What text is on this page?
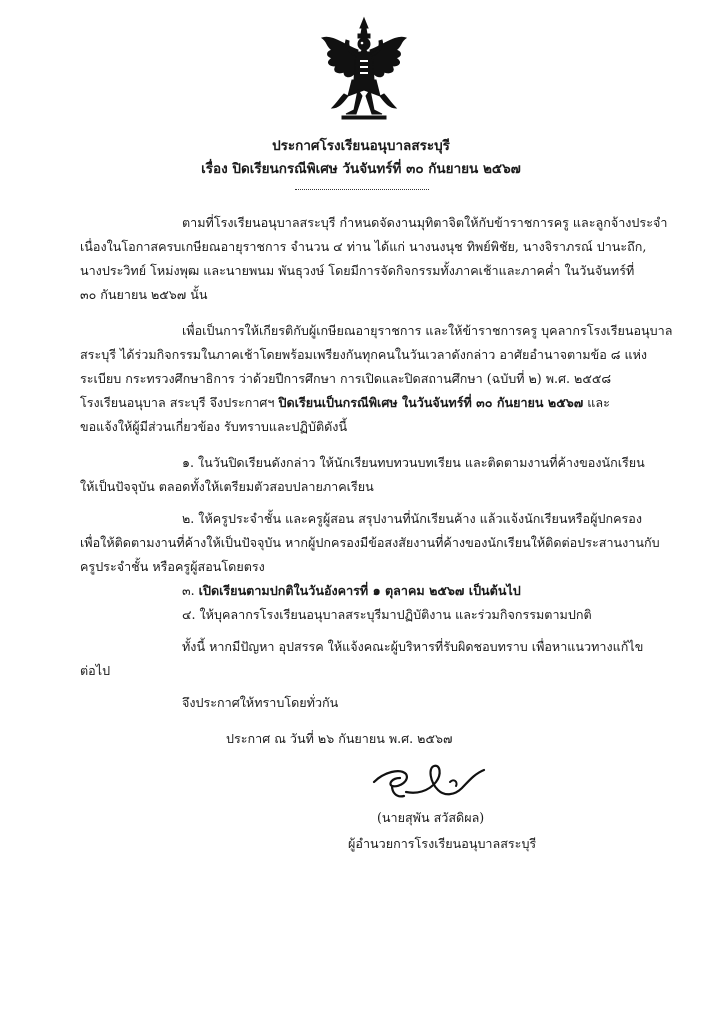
ประกาศโรงเรียนอนุบาลสระบุรี
เรื่อง ปิดเรียนกรณีพิเศษ วันจันทร์ที่ ๓๐ กันยายน ๒๕๖๗
ตามที่โรงเรียนอนุบาลสระบุรี กำหนดจัดงานมุทิตาจิตให้กับข้าราชการครู และลูกจ้างประจำ
เนื่องในโอกาสครบเกษียณอายุราชการ จำนวน ๔ ท่าน ได้แก่ นางนงนุช ทิพย์พิชัย, นางจิราภรณ์ ปานะถึก,
นางประวิทย์ โหม่งพุฒ และนายพนม พันธุวงษ์ โดยมีการจัดกิจกรรมทั้งภาคเช้าและภาคค่ำ ในวันจันทร์ที่
๓๐ กันยายน ๒๕๖๗ นั้น
เพื่อเป็นการให้เกียรติกับผู้เกษียณอายุราชการ และให้ข้าราชการครู บุคลากรโรงเรียนอนุบาล
สระบุรี ได้ร่วมกิจกรรมในภาคเช้าโดยพร้อมเพรียงกันทุกคนในวันเวลาดังกล่าว อาศัยอำนาจตามข้อ ๘ แห่ง
ระเบียบ กระทรวงศึกษาธิการ ว่าด้วยปีการศึกษา การเปิดและปิดสถานศึกษา (ฉบับที่ ๒) พ.ศ. ๒๕๕๘
โรงเรียนอนุบาล สระบุรี จึงประกาศฯ ปิดเรียนเป็นกรณีพิเศษ ในวันจันทร์ที่ ๓๐ กันยายน ๒๕๖๗ และ
ขอแจ้งให้ผู้มีส่วนเกี่ยวข้อง รับทราบและปฏิบัติดังนี้
๑. ในวันปิดเรียนดังกล่าว ให้นักเรียนทบทวนบทเรียน และติดตามงานที่ค้างของนักเรียน
ให้เป็นปัจจุบัน ตลอดทั้งให้เตรียมตัวสอบปลายภาคเรียน
๒. ให้ครูประจำชั้น และครูผู้สอน สรุปงานที่นักเรียนค้าง แล้วแจ้งนักเรียนหรือผู้ปกครอง
เพื่อให้ติดตามงานที่ค้างให้เป็นปัจจุบัน หากผู้ปกครองมีข้อสงสัยงานที่ค้างของนักเรียนให้ติดต่อประสานงานกับ
ครูประจำชั้น หรือครูผู้สอนโดยตรง
๓. เปิดเรียนตามปกติในวันอังคารที่ ๑ ตุลาคม ๒๕๖๗ เป็นต้นไป
๔. ให้บุคลากรโรงเรียนอนุบาลสระบุรีมาปฏิบัติงาน และร่วมกิจกรรมตามปกติ
ทั้งนี้ หากมีปัญหา อุปสรรค ให้แจ้งคณะผู้บริหารที่รับผิดชอบทราบ เพื่อหาแนวทางแก้ไข
ต่อไป
จึงประกาศให้ทราบโดยทั่วกัน
ประกาศ ณ วันที่ ๒๖ กันยายน พ.ศ. ๒๕๖๗
(นายสุพัน สวัสดิผล)
ผู้อำนวยการโรงเรียนอนุบาลสระบุรี
